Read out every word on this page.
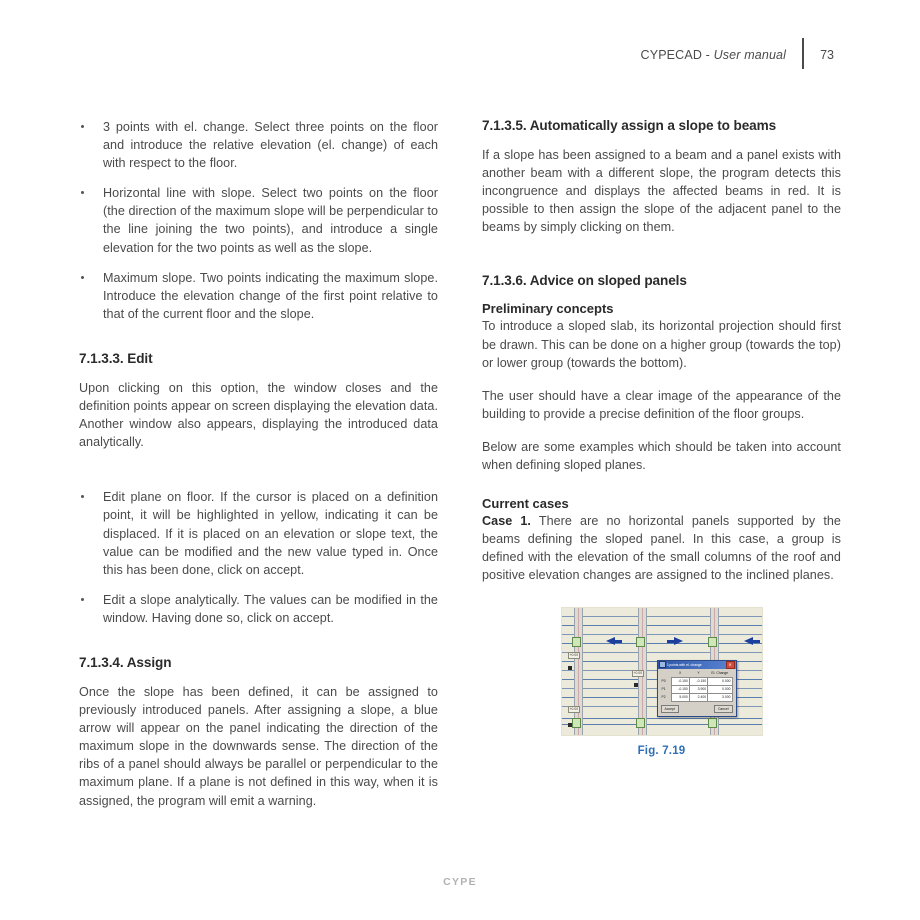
CYPECAD - User manual	73
3 points with el. change. Select three points on the floor and introduce the relative elevation (el. change) of each with respect to the floor.
Horizontal line with slope. Select two points on the floor (the direction of the maximum slope will be perpendicular to the line joining the two points), and introduce a single elevation for the two points as well as the slope.
Maximum slope. Two points indicating the maximum slope. Introduce the elevation change of the first point relative to that of the current floor and the slope.
7.1.3.3. Edit

Upon clicking on this option, the window closes and the definition points appear on screen displaying the elevation data. Another window also appears, displaying the introduced data analytically.

Edit plane on floor. If the cursor is placed on a definition point, it will be highlighted in yellow, indicating it can be displaced. If it is placed on an elevation or slope text, the value can be modified and the new value typed in. Once this has been done, click on accept.
Edit a slope analytically. The values can be modified in the window. Having done so, click on accept.
7.1.3.4. Assign

Once the slope has been defined, it can be assigned to previously introduced panels. After assigning a slope, a blue arrow will appear on the panel indicating the direction of the maximum slope in the downwards sense. The direction of the ribs of a panel should always be parallel or perpendicular to the maximum plane. If a plane is not defined in this way, when it is assigned, the program will emit a warning.

7.1.3.5. Automatically assign a slope to beams

If a slope has been assigned to a beam and a panel exists with another beam with a different slope, the program detects this incongruence and displays the affected beams in red. It is possible to then assign the slope of the adjacent panel to the beams by simply clicking on them.

7.1.3.6. Advice on sloped panels
Preliminary concepts

To introduce a sloped slab, its horizontal projection should first be drawn. This can be done on a higher group (towards the top) or lower group (towards the bottom).

The user should have a clear image of the appearance of the building to provide a precise definition of the floor groups.

Below are some examples which should be taken into account when defining sloped planes.

Current cases

Case 1. There are no horizontal panels supported by the beams defining the sloped panel. In this case, a group is defined with the elevation of the small columns of the roof and positive elevation changes are assigned to the inclined planes.

+0.00
+0.00
+0.00
3 points with el. change	✕
	X	Y	El. Change
P0	-0.150	-0.150	0.000
P1	-0.150	3.900	0.000
P2	5.000	2.400	3.000
Accept	Cancel
Fig. 7.19
CYPE
